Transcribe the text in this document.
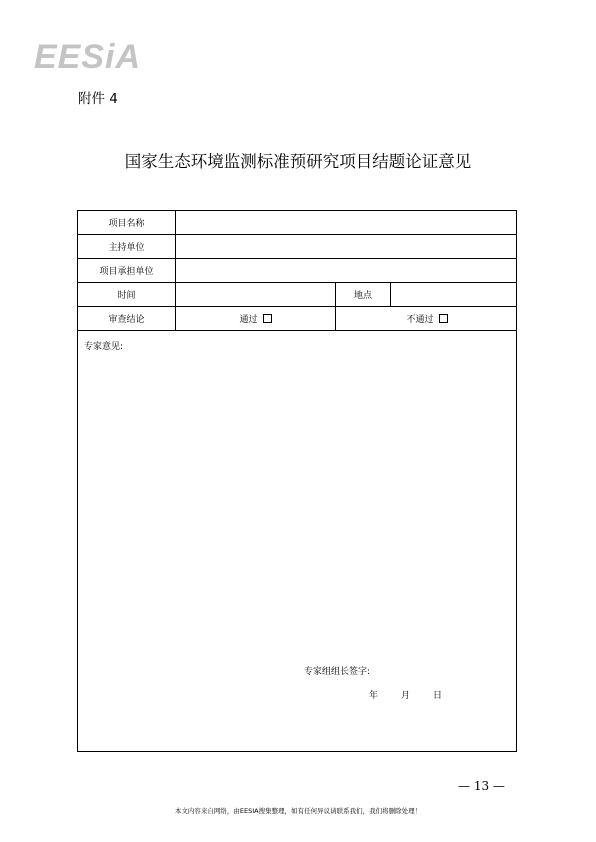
EESiA
附件 4
国家生态环境监测标准预研究项目结题论证意见
项目名称
主持单位
项目承担单位
时间	地点
审查结论	通过	不通过
专家意见:
专家组组长签字:
年	月	日
— 13 —
本文内容来自网络，由EESIA搜集整理，如有任何异议请联系我们，我们将删除处理！
